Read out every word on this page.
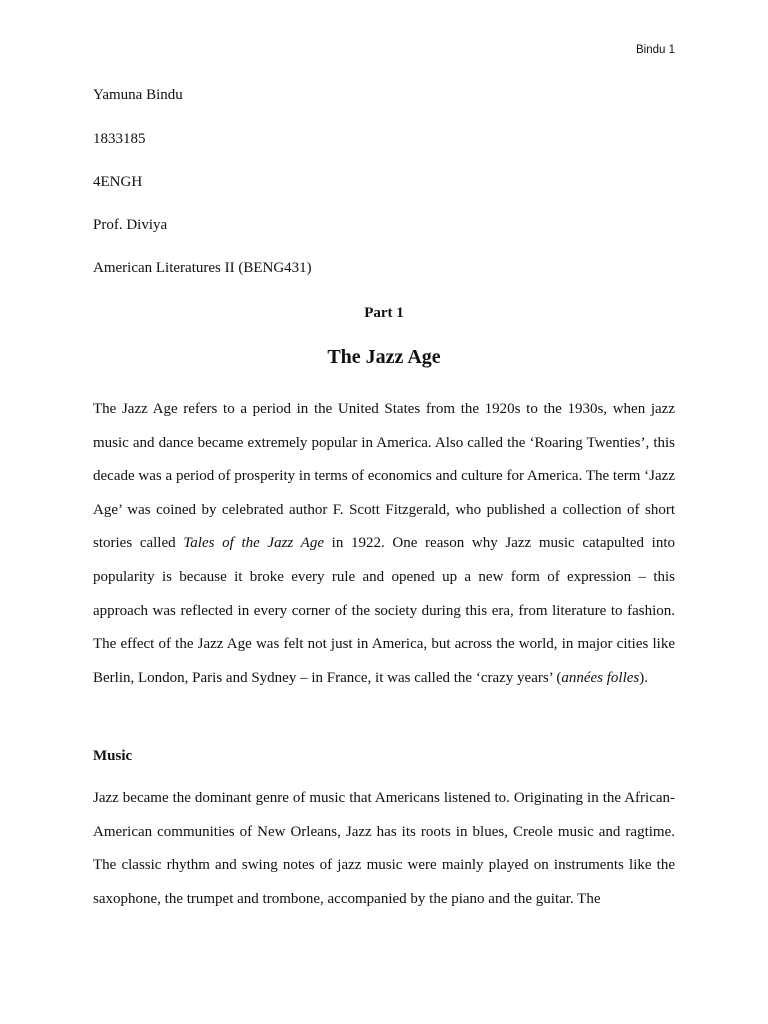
Bindu 1
Yamuna Bindu
1833185
4ENGH
Prof. Diviya
American Literatures II (BENG431)
Part 1
The Jazz Age

The Jazz Age refers to a period in the United States from the 1920s to the 1930s, when jazz music and dance became extremely popular in America. Also called the ‘Roaring Twenties’, this decade was a period of prosperity in terms of economics and culture for America. The term ‘Jazz Age’ was coined by celebrated author F. Scott Fitzgerald, who published a collection of short stories called Tales of the Jazz Age in 1922. One reason why Jazz music catapulted into popularity is because it broke every rule and opened up a new form of expression – this approach was reflected in every corner of the society during this era, from literature to fashion. The effect of the Jazz Age was felt not just in America, but across the world, in major cities like Berlin, London, Paris and Sydney – in France, it was called the ‘crazy years’ (années folles).

Music

Jazz became the dominant genre of music that Americans listened to. Originating in the African-American communities of New Orleans, Jazz has its roots in blues, Creole music and ragtime. The classic rhythm and swing notes of jazz music were mainly played on instruments like the saxophone, the trumpet and trombone, accompanied by the piano and the guitar. The
